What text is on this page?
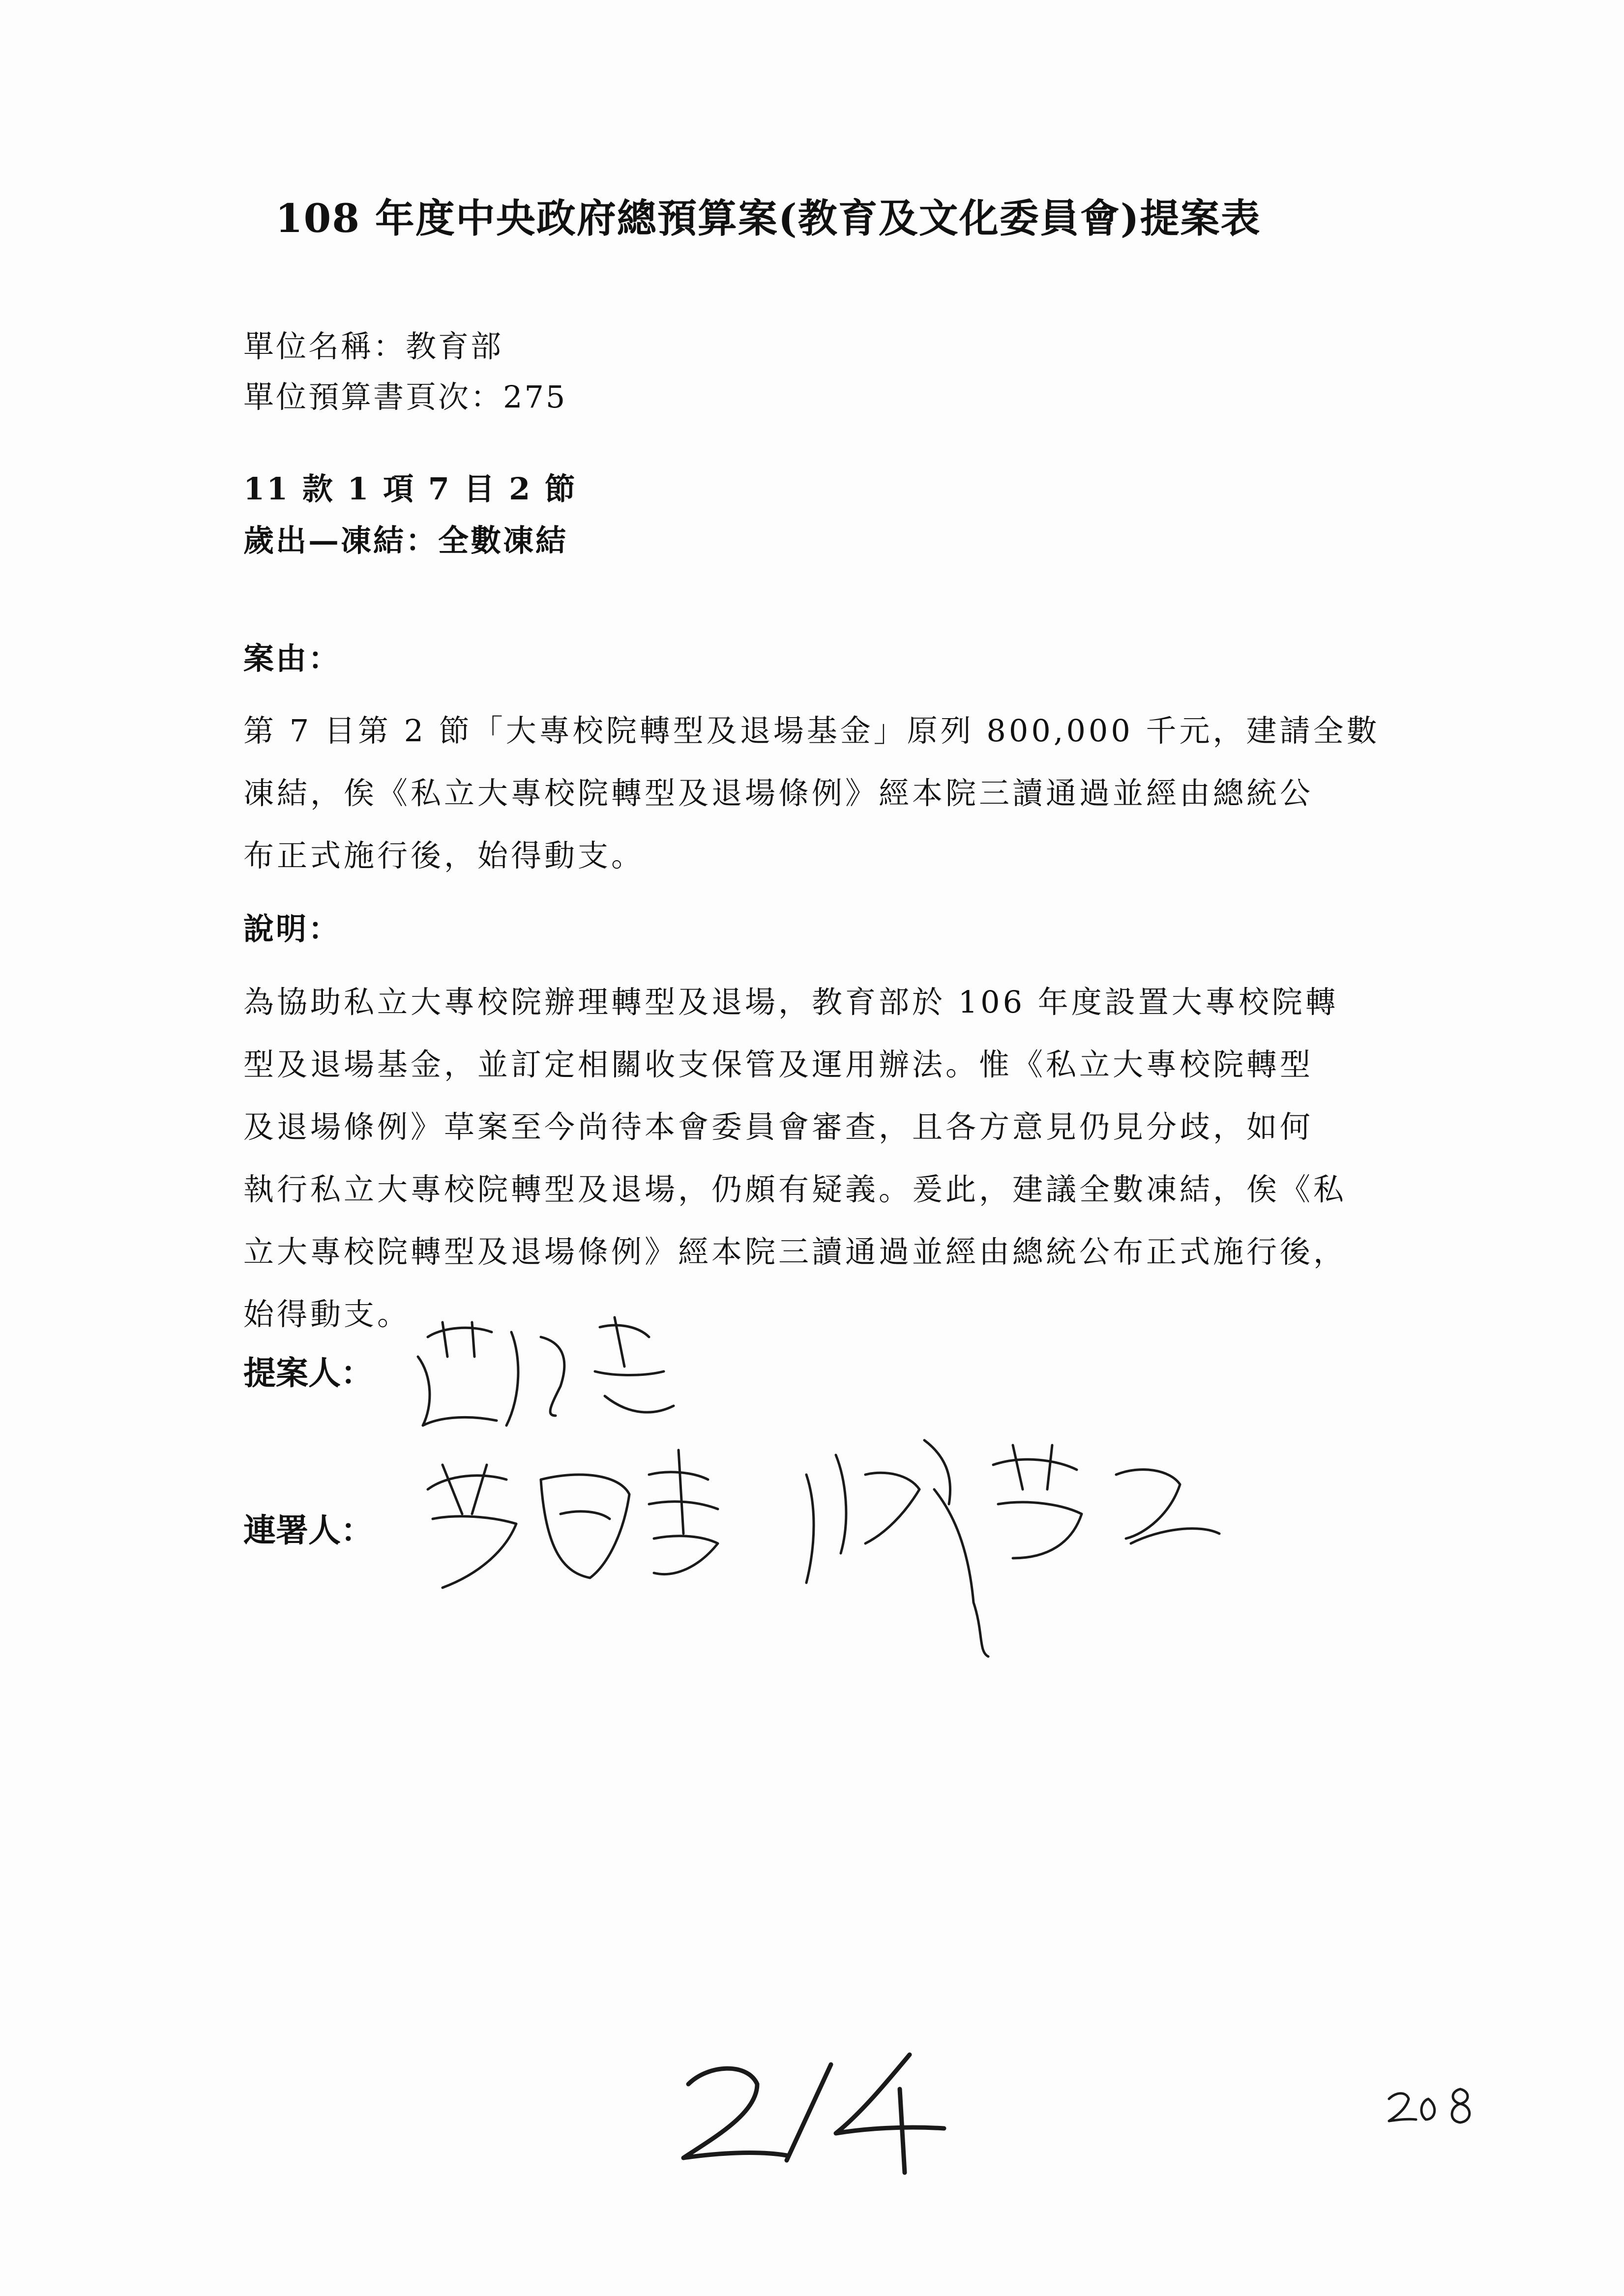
108 年度中央政府總預算案(教育及文化委員會)提案表
單位名稱：教育部
單位預算書頁次：275
11 款 1 項 7 目 2 節
歲出—凍結：全數凍結
案由：
第 7 目第 2 節「大專校院轉型及退場基金」原列 800,000 千元，建請全數
凍結，俟《私立大專校院轉型及退場條例》經本院三讀通過並經由總統公
布正式施行後，始得動支。
說明：
為協助私立大專校院辦理轉型及退場，教育部於 106 年度設置大專校院轉
型及退場基金，並訂定相關收支保管及運用辦法。惟《私立大專校院轉型
及退場條例》草案至今尚待本會委員會審查，且各方意見仍見分歧，如何
執行私立大專校院轉型及退場，仍頗有疑義。爰此，建議全數凍結，俟《私
立大專校院轉型及退場條例》經本院三讀通過並經由總統公布正式施行後，
始得動支。
提案人：
連署人：
